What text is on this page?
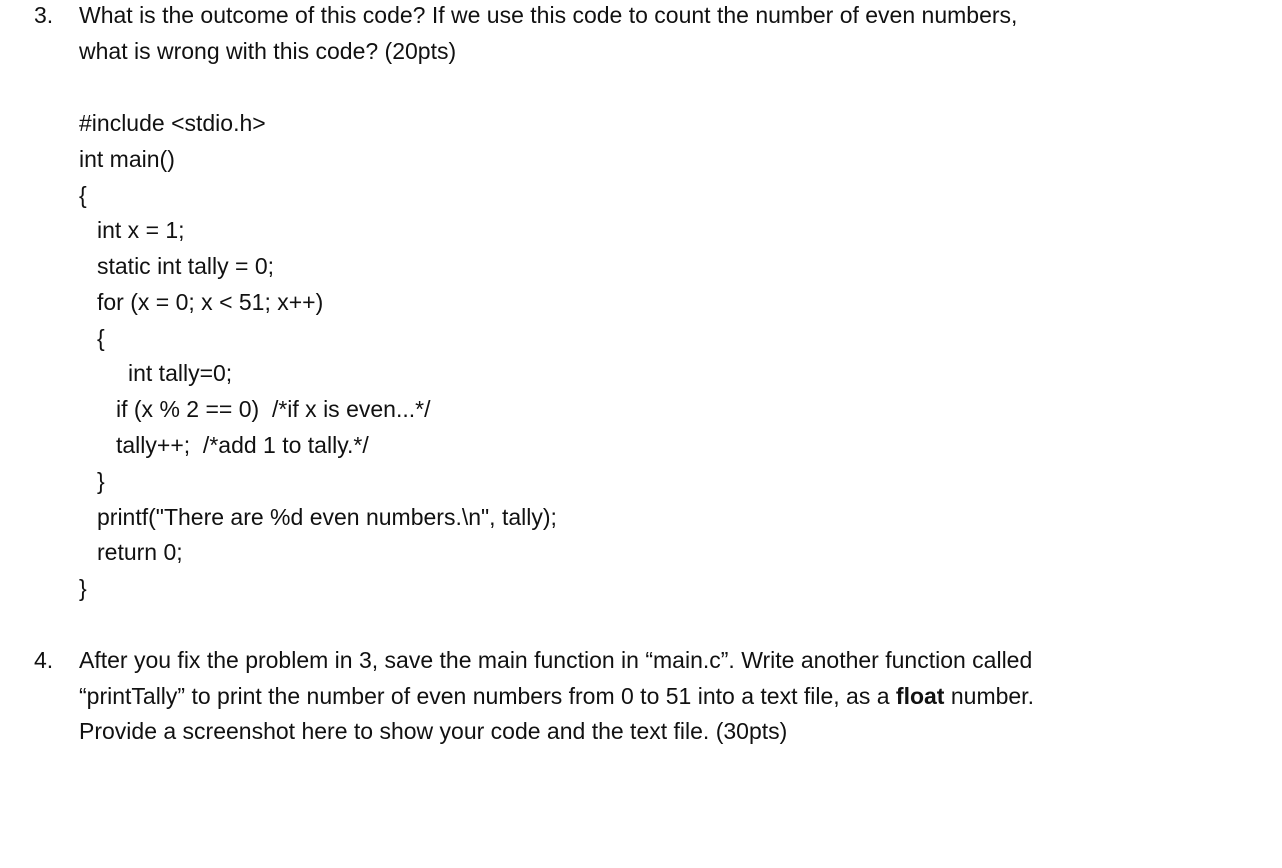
3. What is the outcome of this code? If we use this code to count the number of even numbers,
what is wrong with this code? (20pts)
#include <stdio.h>
int main()
{
int x = 1;
static int tally = 0;
for (x = 0; x < 51; x++)
{
int tally=0;
if (x % 2 == 0)  /*if x is even...*/
tally++;  /*add 1 to tally.*/
}
printf("There are %d even numbers.\n", tally);
return 0;
}
4. After you fix the problem in 3, save the main function in “main.c”. Write another function called
“printTally” to print the number of even numbers from 0 to 51 into a text file, as a float number.
Provide a screenshot here to show your code and the text file. (30pts)
